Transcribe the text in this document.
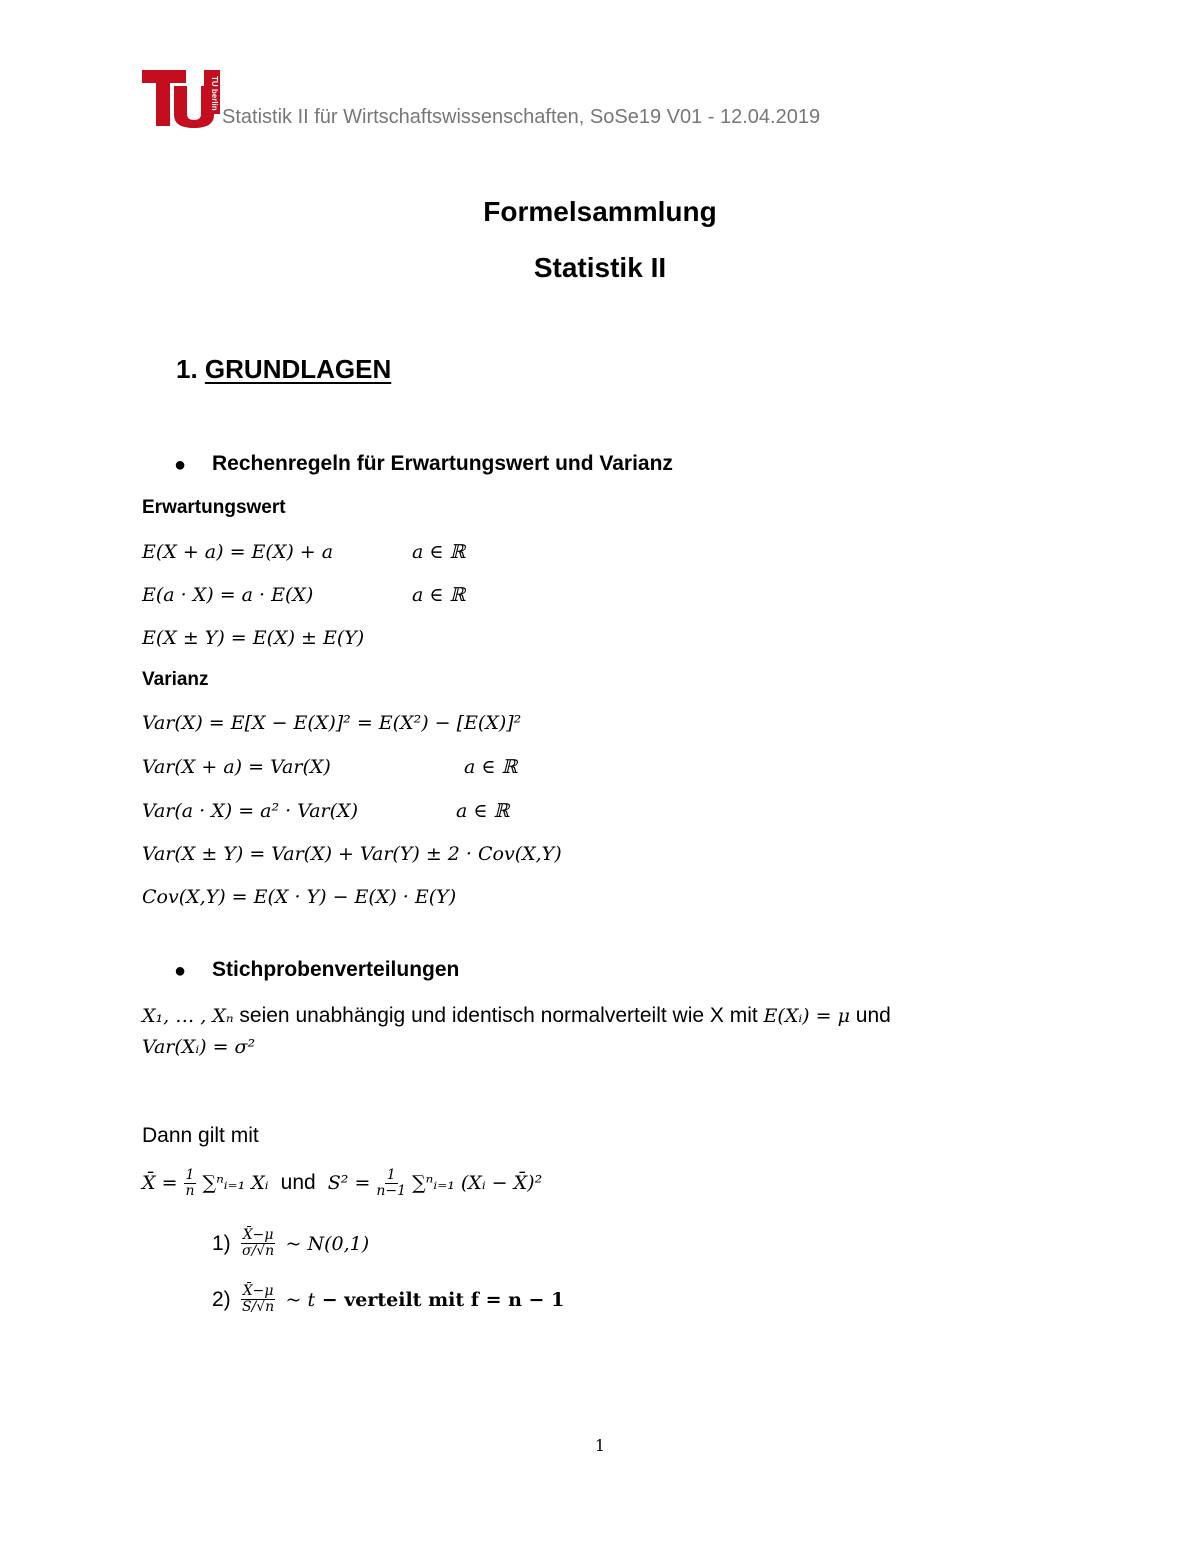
TU berlin
Statistik II für Wirtschaftswissenschaften, SoSe19 V01 - 12.04.2019
Formelsammlung
Statistik II
1. GRUNDLAGEN
● Rechenregeln für Erwartungswert und Varianz
Erwartungswert
E(X + a) = E(X) + a	a ∈ ℝ
E(a · X) = a · E(X)	a ∈ ℝ
E(X ± Y) = E(X) ± E(Y)
Varianz
Var(X) = E[X − E(X)]² = E(X²) − [E(X)]²
Var(X + a) = Var(X)	a ∈ ℝ
Var(a · X) = a² · Var(X)	a ∈ ℝ
Var(X ± Y) = Var(X) + Var(Y) ± 2 · Cov(X,Y)
Cov(X,Y) = E(X · Y) − E(X) · E(Y)
● Stichprobenverteilungen
X₁, … , Xₙ seien unabhängig und identisch normalverteilt wie X mit E(Xᵢ) = μ und
Var(Xᵢ) = σ²
Dann gilt mit
X̄ = $\frac{1}{n}$ ∑ⁿᵢ₌₁ Xᵢ und $S^2 = \frac{1}{n-1}$ ∑ⁿᵢ₌₁ (Xᵢ − X̄)²
$1) \frac{X̄-\mu}{\sigma/√n}$ ~ N(0,1)
$2) \frac{X̄-\mu}{S/√n}$ ~ t − verteilt mit f = n − 1
1
